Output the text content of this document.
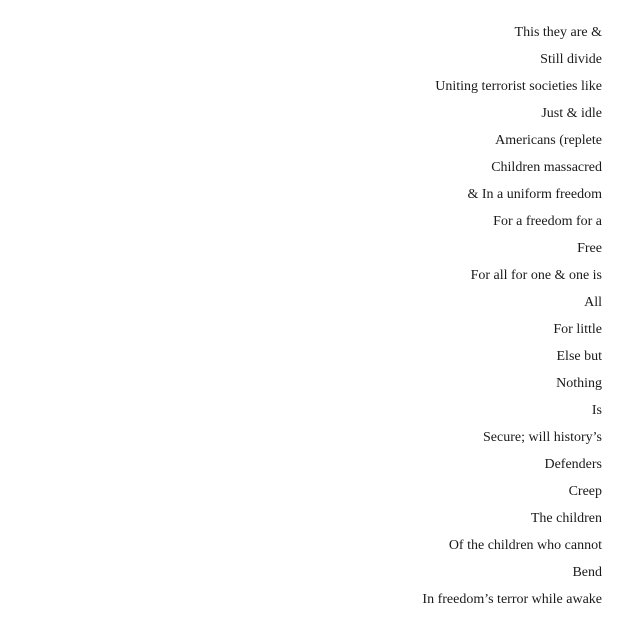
This they are &
Still divide
Uniting terrorist societies like
Just & idle
Americans (replete
Children massacred
& In a uniform freedom
For a freedom for a
Free
For all for one & one is
All
For little
Else but
Nothing
Is
Secure; will history’s
Defenders
Creep
The children
Of the children who cannot
Bend
In freedom’s terror while awake
